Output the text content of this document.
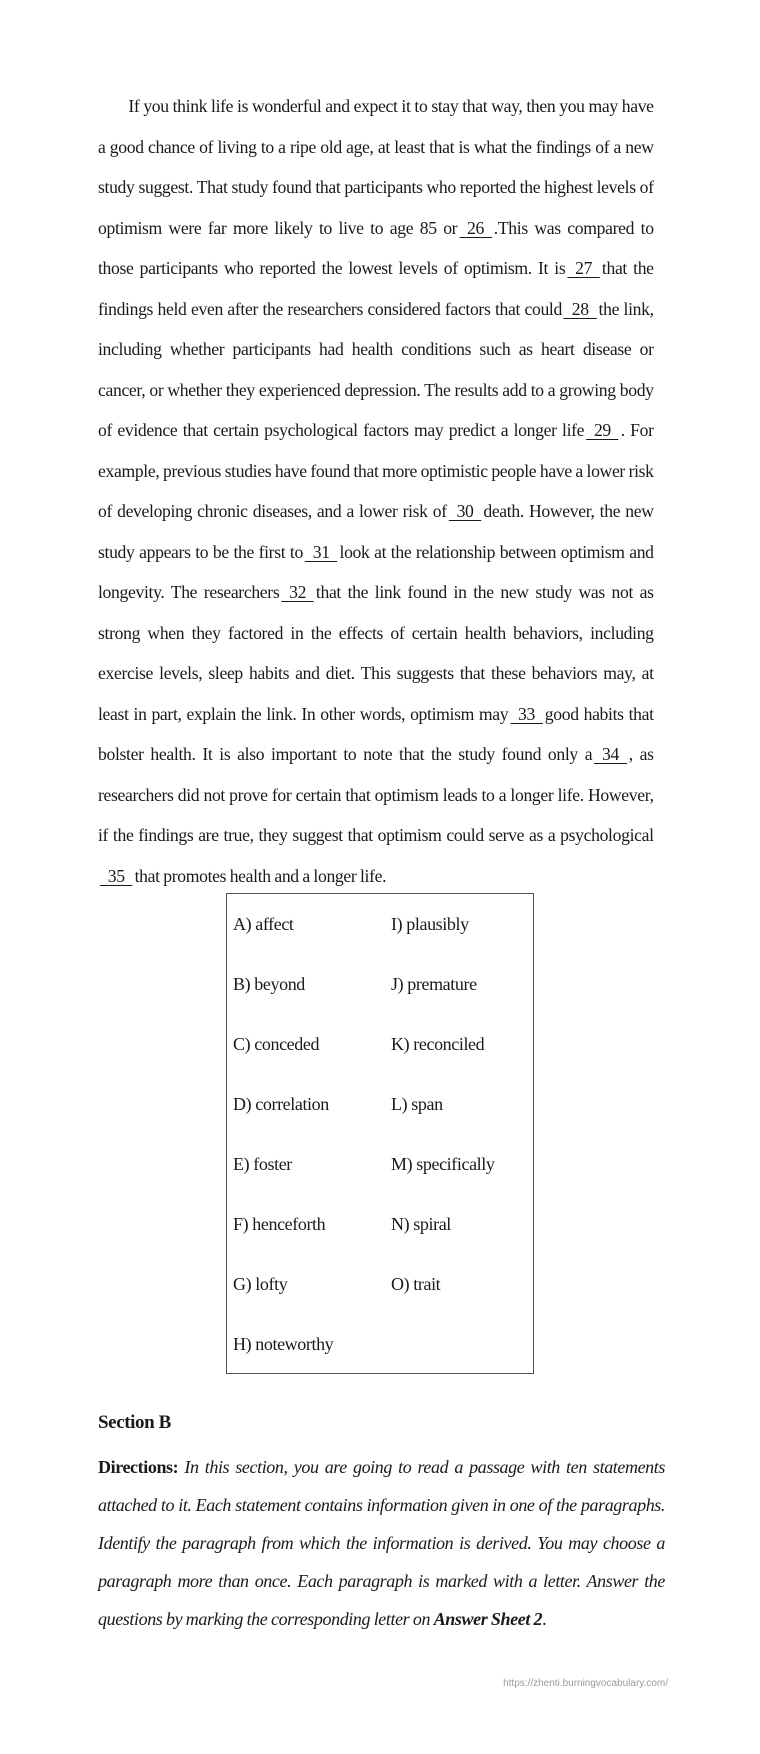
If you think life is wonderful and expect it to stay that way, then you may have a good chance of living to a ripe old age, at least that is what the findings of a new study suggest. That study found that participants who reported the highest levels of optimism were far more likely to live to age 85 or 26 .This was compared to those participants who reported the lowest levels of optimism. It is 27 that the findings held even after the researchers considered factors that could 28 the link, including whether participants had health conditions such as heart disease or cancer, or whether they experienced depression. The results add to a growing body of evidence that certain psychological factors may predict a longer life 29 . For example, previous studies have found that more optimistic people have a lower risk of developing chronic diseases, and a lower risk of 30 death. However, the new study appears to be the first to 31 look at the relationship between optimism and longevity. The researchers 32 that the link found in the new study was not as strong when they factored in the effects of certain health behaviors, including exercise levels, sleep habits and diet. This suggests that these behaviors may, at least in part, explain the link. In other words, optimism may 33 good habits that bolster health. It is also important to note that the study found only a 34 , as researchers did not prove for certain that optimism leads to a longer life. However, if the findings are true, they suggest that optimism could serve as a psychological35 that promotes health and a longer life.

A) affect
B) beyond
C) conceded
D) correlation
E) foster
F) henceforth
G) lofty
H) noteworthy
I) plausibly
J) premature
K) reconciled
L) span
M) specifically
N) spiral
O) trait
Section B
Directions: In this section, you are going to read a passage with ten statements attached to it. Each statement contains information given in one of the paragraphs. Identify the paragraph from which the information is derived. You may choose a paragraph more than once. Each paragraph is marked with a letter. Answer the questions by marking the corresponding letter on Answer Sheet 2.
https://zhenti.burningvocabulary.com/
